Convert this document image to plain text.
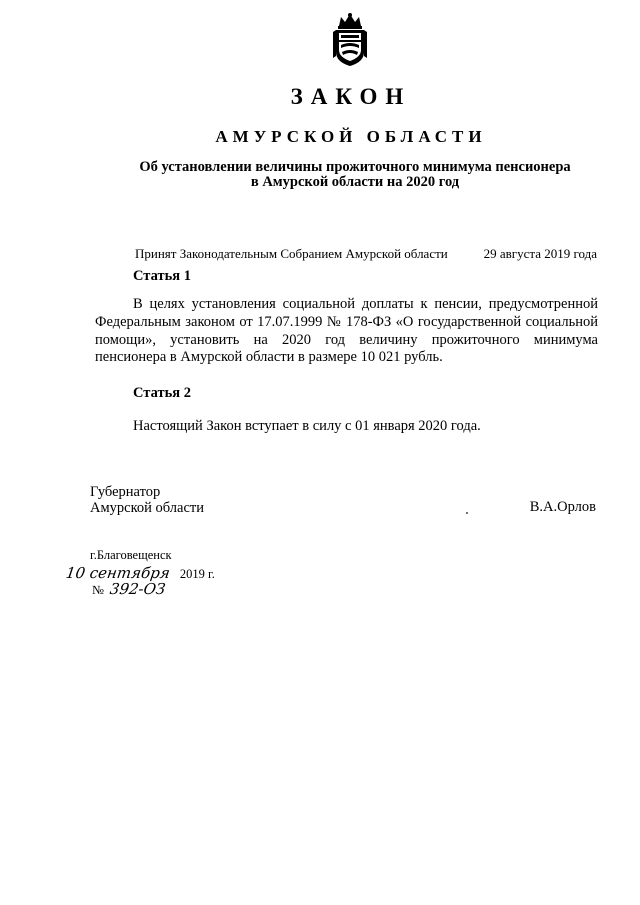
ЗАКОН
АМУРСКОЙ ОБЛАСТИ
Об установлении величины прожиточного минимума пенсионера
в Амурской области на 2020 год
Принят Законодательным Собранием Амурской области	29 августа 2019 года
Статья 1

В целях установления социальной доплаты к пенсии, предусмотренной Федеральным законом от 17.07.1999 № 178-ФЗ «О государственной социальной помощи», установить на 2020 год величину прожиточного минимума пенсионера в Амурской области в размере 10 021 рубль.

Статья 2

Настоящий Закон вступает в силу с 01 января 2020 года.

Губернатор
Амурской области	В.А.Орлов
г.Благовещенск
10 сентября 2019 г.
№ 392-ОЗ
